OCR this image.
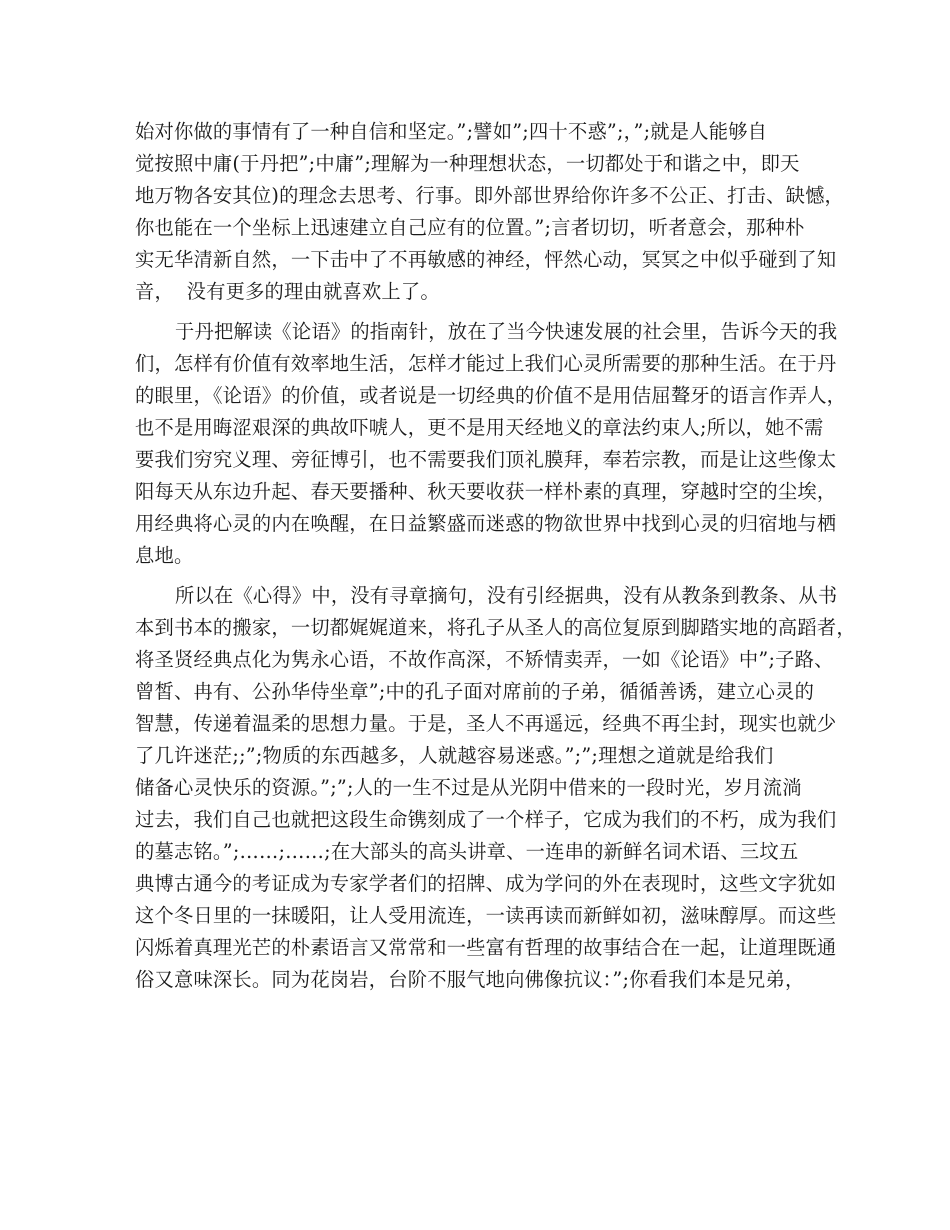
始对你做的事情有了一种自信和坚定。”;譬如”;四十不惑”;，”;就是人能够自
觉按照中庸(于丹把”;中庸”;理解为一种理想状态，一切都处于和谐之中，即天
地万物各安其位)的理念去思考、行事。即外部世界给你许多不公正、打击、缺憾，
你也能在一个坐标上迅速建立自己应有的位置。”;言者切切，听者意会，那种朴
实无华清新自然，一下击中了不再敏感的神经，怦然心动，冥冥之中似乎碰到了知
音，  没有更多的理由就喜欢上了。
于丹把解读《论语》的指南针，放在了当今快速发展的社会里，告诉今天的我
们，怎样有价值有效率地生活，怎样才能过上我们心灵所需要的那种生活。在于丹
的眼里，《论语》的价值，或者说是一切经典的价值不是用佶屈聱牙的语言作弄人，
也不是用晦涩艰深的典故吓唬人，更不是用天经地义的章法约束人;所以，她不需
要我们穷究义理、旁征博引，也不需要我们顶礼膜拜，奉若宗教，而是让这些像太
阳每天从东边升起、春天要播种、秋天要收获一样朴素的真理，穿越时空的尘埃，
用经典将心灵的内在唤醒，在日益繁盛而迷惑的物欲世界中找到心灵的归宿地与栖
息地。
所以在《心得》中，没有寻章摘句，没有引经据典，没有从教条到教条、从书
本到书本的搬家，一切都娓娓道来，将孔子从圣人的高位复原到脚踏实地的高蹈者，
将圣贤经典点化为隽永心语，不故作高深，不矫情卖弄，一如《论语》中”;子路、
曾皙、冉有、公孙华侍坐章”;中的孔子面对席前的子弟，循循善诱，建立心灵的
智慧，传递着温柔的思想力量。于是，圣人不再遥远，经典不再尘封，现实也就少
了几许迷茫;;”;物质的东西越多，人就越容易迷惑。”;”;理想之道就是给我们
储备心灵快乐的资源。”;”;人的一生不过是从光阴中借来的一段时光，岁月流淌
过去，我们自己也就把这段生命镌刻成了一个样子，它成为我们的不朽，成为我们
的墓志铭。”;……;……;在大部头的高头讲章、一连串的新鲜名词术语、三坟五
典博古通今的考证成为专家学者们的招牌、成为学问的外在表现时，这些文字犹如
这个冬日里的一抹暖阳，让人受用流连，一读再读而新鲜如初，滋味醇厚。而这些
闪烁着真理光芒的朴素语言又常常和一些富有哲理的故事结合在一起，让道理既通
俗又意味深长。同为花岗岩，台阶不服气地向佛像抗议：”;你看我们本是兄弟，
